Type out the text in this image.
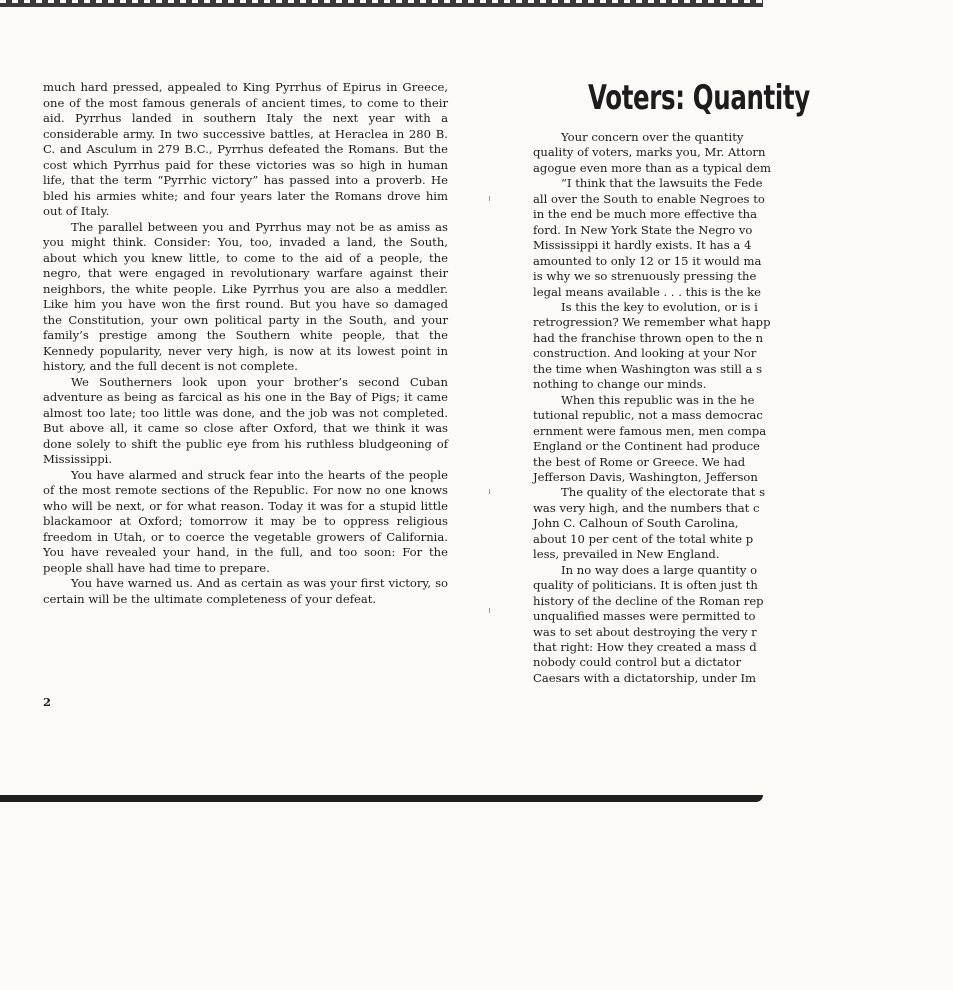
much hard pressed, appealed to King Pyrrhus of Epirus in Greece, one of the most famous generals of ancient times, to come to their aid. Pyrrhus landed in southern Italy the next year with a considerable army. In two successive battles, at Heraclea in 280 B. C. and Asculum in 279 B.C., Pyrrhus defeated the Romans. But the cost which Pyrrhus paid for these victories was so high in human life, that the term “Pyrrhic victory” has passed into a proverb. He bled his armies white; and four years later the Romans drove him out of Italy.

The parallel between you and Pyrrhus may not be as amiss as you might think. Consider: You, too, invaded a land, the South, about which you knew little, to come to the aid of a people, the negro, that were engaged in revolutionary warfare against their neighbors, the white people. Like Pyrrhus you are also a meddler. Like him you have won the first round. But you have so damaged the Constitution, your own political party in the South, and your family’s prestige among the Southern white people, that the Kennedy popularity, never very high, is now at its lowest point in history, and the full decent is not complete.

We Southerners look upon your brother’s second Cuban adventure as being as farcical as his one in the Bay of Pigs; it came almost too late; too little was done, and the job was not completed. But above all, it came so close after Oxford, that we think it was done solely to shift the public eye from his ruthless bludgeoning of Mississippi.

You have alarmed and struck fear into the hearts of the people of the most remote sections of the Republic. For now no one knows who will be next, or for what reason. Today it was for a stupid little blackamoor at Oxford; tomorrow it may be to oppress religious freedom in Utah, or to coerce the vegetable growers of California. You have revealed your hand, in the full, and too soon: For the people shall have had time to prepare.

You have warned us. And as certain as was your first victory, so certain will be the ultimate completeness of your defeat.

2
Voters: Quantity

Your concern over the quantity

quality of voters, marks you, Mr. Attorn

agogue even more than as a typical dem

“I think that the lawsuits the Fede

all over the South to enable Negroes to

in the end be much more effective tha

ford. In New York State the Negro vo

Mississippi it hardly exists. It has a 4

amounted to only 12 or 15 it would ma

is why we so strenuously pressing the

legal means available . . . this is the ke

Is this the key to evolution, or is i

retrogression? We remember what happ

had the franchise thrown open to the n

construction. And looking at your Nor

the time when Washington was still a s

nothing to change our minds.

When this republic was in the he

tutional republic, not a mass democrac

ernment were famous men, men compa

England or the Continent had produce

the best of Rome or Greece. We had

Jefferson Davis, Washington, Jefferson

The quality of the electorate that s

was very high, and the numbers that c

John C. Calhoun of South Carolina,

about 10 per cent of the total white p

less, prevailed in New England.

In no way does a large quantity o

quality of politicians. It is often just th

history of the decline of the Roman rep

unqualified masses were permitted to

was to set about destroying the very r

that right: How they created a mass d

nobody could control but a dictator

Caesars with a dictatorship, under Im
